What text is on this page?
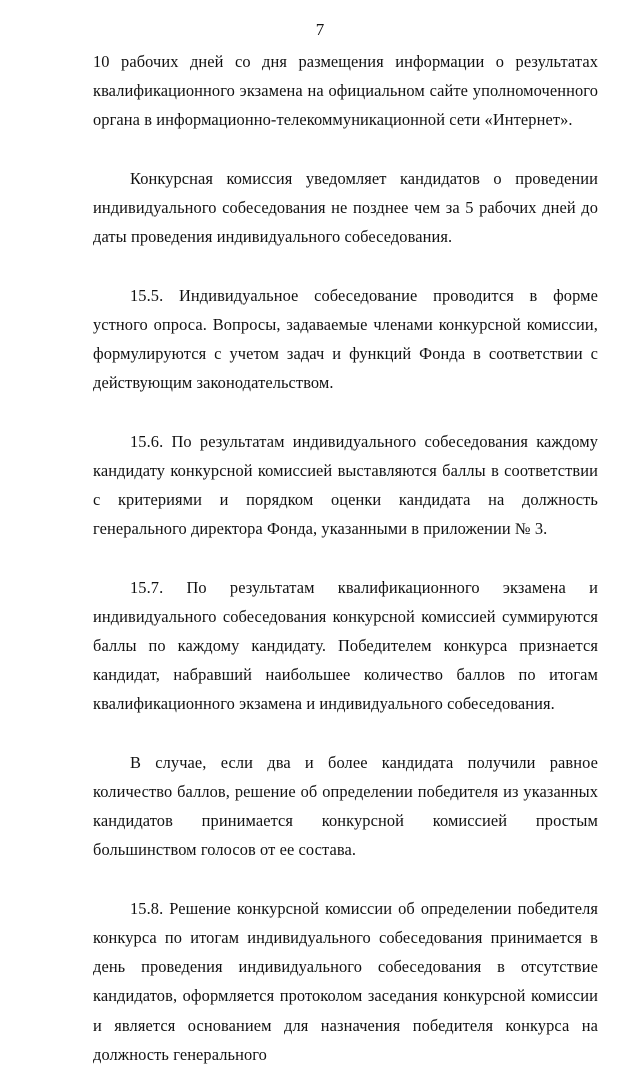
7

10 рабочих дней со дня размещения информации о результатах квалификационного экзамена на официальном сайте уполномоченного органа в информационно-телекоммуникационной сети «Интернет».

Конкурсная комиссия уведомляет кандидатов о проведении индивидуального собеседования не позднее чем за 5 рабочих дней до даты проведения индивидуального собеседования.

15.5. Индивидуальное собеседование проводится в форме устного опроса. Вопросы, задаваемые членами конкурсной комиссии, формулируются с учетом задач и функций Фонда в соответствии с действующим законодательством.

15.6. По результатам индивидуального собеседования каждому кандидату конкурсной комиссией выставляются баллы в соответствии с критериями и порядком оценки кандидата на должность генерального директора Фонда, указанными в приложении № 3.

15.7. По результатам квалификационного экзамена и индивидуального собеседования конкурсной комиссией суммируются баллы по каждому кандидату. Победителем конкурса признается кандидат, набравший наибольшее количество баллов по итогам квалификационного экзамена и индивидуального собеседования.

В случае, если два и более кандидата получили равное количество баллов, решение об определении победителя из указанных кандидатов принимается конкурсной комиссией простым большинством голосов от ее состава.

15.8. Решение конкурсной комиссии об определении победителя конкурса по итогам индивидуального собеседования принимается в день проведения индивидуального собеседования в отсутствие кандидатов, оформляется протоколом заседания конкурсной комиссии и является основанием для назначения победителя конкурса на должность генерального
